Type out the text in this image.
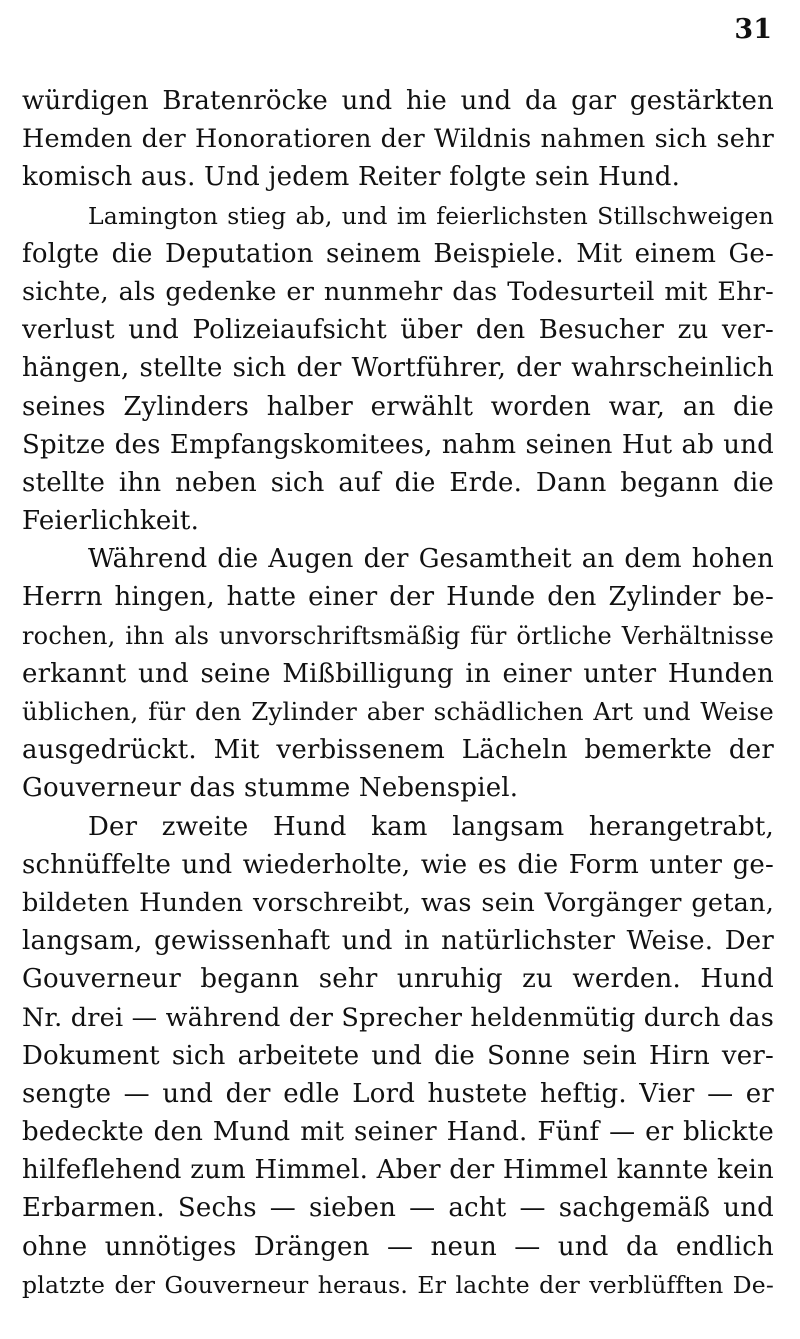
31
würdigen Bratenröcke und hie und da gar gestärkten
Hemden der Honoratioren der Wildnis nahmen sich sehr
komisch aus. Und jedem Reiter folgte sein Hund.
Lamington stieg ab, und im feierlichsten Stillschweigen
folgte die Deputation seinem Beispiele. Mit einem Ge-
sichte, als gedenke er nunmehr das Todesurteil mit Ehr-
verlust und Polizeiaufsicht über den Besucher zu ver-
hängen, stellte sich der Wortführer, der wahrscheinlich
seines Zylinders halber erwählt worden war, an die
Spitze des Empfangskomitees, nahm seinen Hut ab und
stellte ihn neben sich auf die Erde. Dann begann die
Feierlichkeit.
Während die Augen der Gesamtheit an dem hohen
Herrn hingen, hatte einer der Hunde den Zylinder be-
rochen, ihn als unvorschriftsmäßig für örtliche Verhältnisse
erkannt und seine Mißbilligung in einer unter Hunden
üblichen, für den Zylinder aber schädlichen Art und Weise
ausgedrückt. Mit verbissenem Lächeln bemerkte der
Gouverneur das stumme Nebenspiel.
Der zweite Hund kam langsam herangetrabt,
schnüffelte und wiederholte, wie es die Form unter ge-
bildeten Hunden vorschreibt, was sein Vorgänger getan,
langsam, gewissenhaft und in natürlichster Weise. Der
Gouverneur begann sehr unruhig zu werden. Hund
Nr. drei — während der Sprecher heldenmütig durch das
Dokument sich arbeitete und die Sonne sein Hirn ver-
sengte — und der edle Lord hustete heftig. Vier — er
bedeckte den Mund mit seiner Hand. Fünf — er blickte
hilfeflehend zum Himmel. Aber der Himmel kannte kein
Erbarmen. Sechs — sieben — acht — sachgemäß und
ohne unnötiges Drängen — neun — und da endlich
platzte der Gouverneur heraus. Er lachte der verblüfften De-
